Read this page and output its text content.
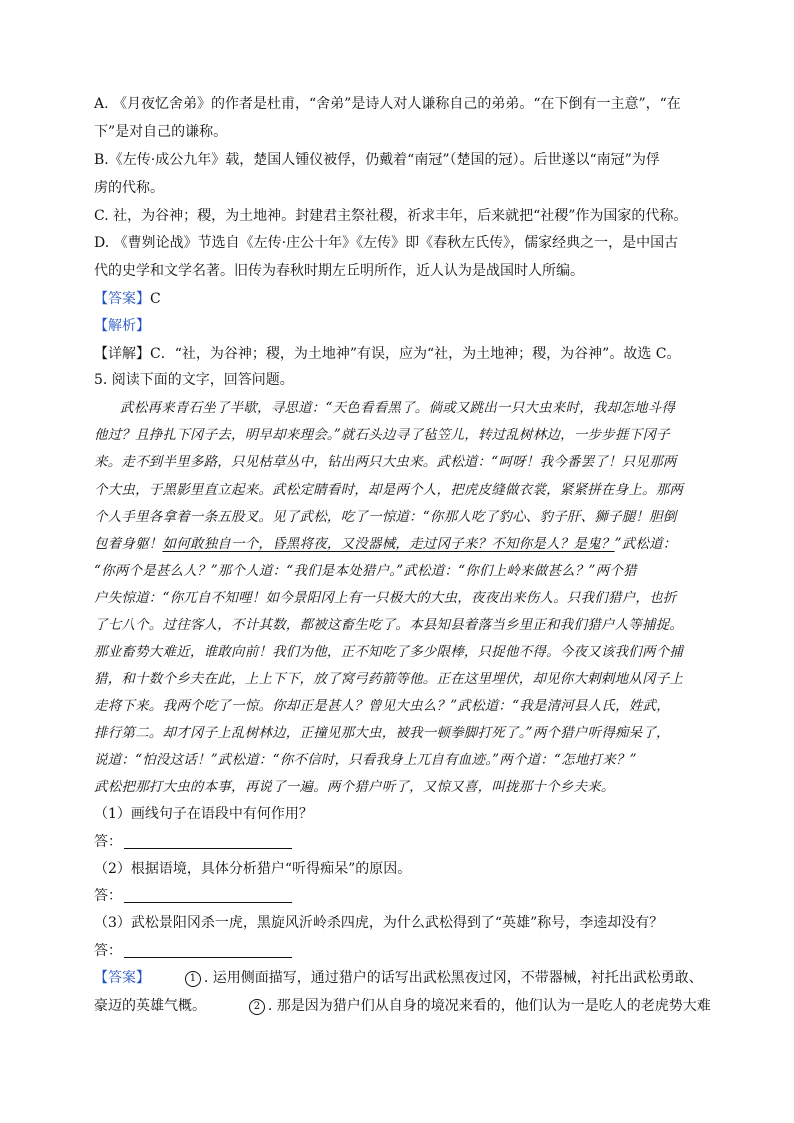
A. 《月夜忆舍弟》的作者是杜甫，“舍弟”是诗人对人谦称自己的弟弟。“在下倒有一主意”，“在
下”是对自己的谦称。
B.《左传·成公九年》载，楚国人锺仪被俘，仍戴着“南冠”（楚国的冠）。后世遂以“南冠”为俘
虏的代称。
C. 社，为谷神；稷，为土地神。封建君主祭社稷，祈求丰年，后来就把“社稷”作为国家的代称。
D. 《曹刿论战》节选自《左传·庄公十年》《左传》即《春秋左氏传》，儒家经典之一，是中国古
代的史学和文学名著。旧传为春秋时期左丘明所作，近人认为是战国时人所编。
【答案】C
【解析】
【详解】C．“社，为谷神；稷，为土地神”有误，应为“社，为土地神；稷，为谷神”。故选 C。
5. 阅读下面的文字，回答问题。
武松再来青石坐了半歇，寻思道：“天色看看黑了。倘或又跳出一只大虫来时，我却怎地斗得
他过？且挣扎下冈子去，明早却来理会。”就石头边寻了毡笠儿，转过乱树林边，一步步捱下冈子
来。走不到半里多路，只见枯草丛中，钻出两只大虫来。武松道：“呵呀！我今番罢了！只见那两
个大虫，于黑影里直立起来。武松定睛看时，却是两个人，把虎皮缝做衣裳，紧紧拼在身上。那两
个人手里各拿着一条五股叉。见了武松，吃了一惊道：“你那人吃了豹心、豹子肝、狮子腿！胆倒
包着身躯！如何敢独自一个，昏黑将夜，又没器械，走过冈子来？不知你是人？是鬼？”武松道：
“你两个是甚么人？”那个人道：“我们是本处猎户。”武松道：“你们上岭来做甚么？”两个猎
户失惊道：“你兀自不知哩！如今景阳冈上有一只极大的大虫，夜夜出来伤人。只我们猎户，也折
了七八个。过往客人，不计其数，都被这畜生吃了。本县知县着落当乡里正和我们猎户人等捕捉。
那业畜势大难近，谁敢向前！我们为他，正不知吃了多少限棒，只捉他不得。今夜又该我们两个捕
猎，和十数个乡夫在此，上上下下，放了窝弓药箭等他。正在这里埋伏，却见你大剌剌地从冈子上
走将下来。我两个吃了一惊。你却正是甚人？曾见大虫么？”武松道：“我是清河县人氏，姓武，
排行第二。却才冈子上乱树林边，正撞见那大虫，被我一顿拳脚打死了。”两个猎户听得痴呆了，
说道：“怕没这话！”武松道：“你不信时，只看我身上兀自有血迹。”两个道：“怎地打来？”
武松把那打大虫的本事，再说了一遍。两个猎户听了，又惊又喜，叫拢那十个乡夫来。
（1）画线句子在语段中有何作用？
答：
（2）根据语境，具体分析猎户“听得痴呆”的原因。
答：
（3）武松景阳冈杀一虎，黑旋风沂岭杀四虎，为什么武松得到了“英雄”称号，李逵却没有？
答：
【答案】	1 . 运用侧面描写，通过猎户的话写出武松黑夜过冈，不带器械，衬托出武松勇敢、
豪迈的英雄气概。	2 . 那是因为猎户们从自身的境况来看的，他们认为一是吃人的老虎势大难
